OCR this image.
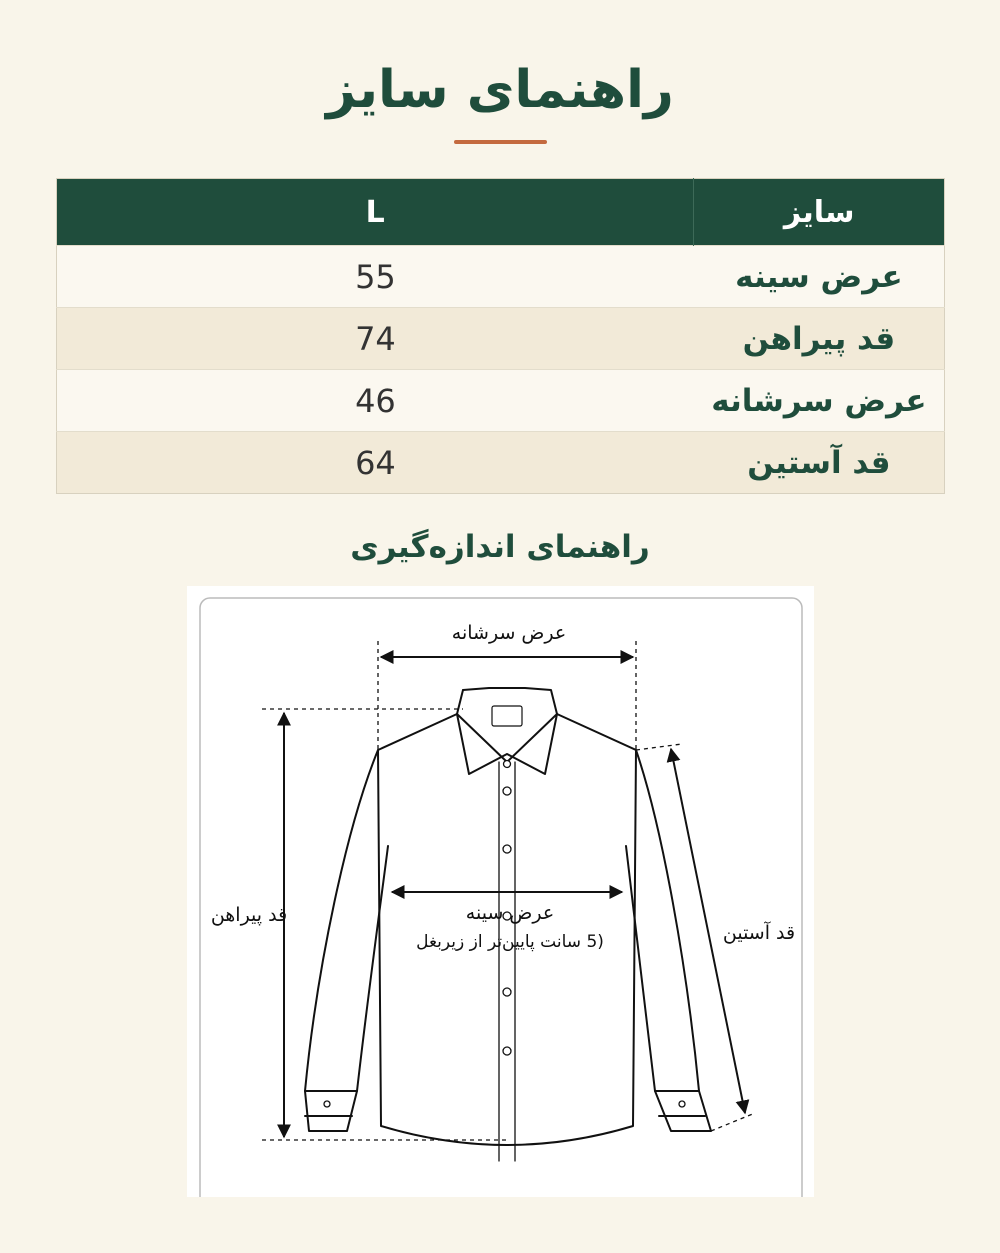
راهنمای سایز
L	سایز
55	عرض سینه
74	قد پیراهن
46	عرض سرشانه
64	قد آستین
راهنمای اندازه‌گیری
عرض سرشانه
عرض سینه
(5 سانت پایین‌تر از زیربغل
قد پیراهن
قد آستین
